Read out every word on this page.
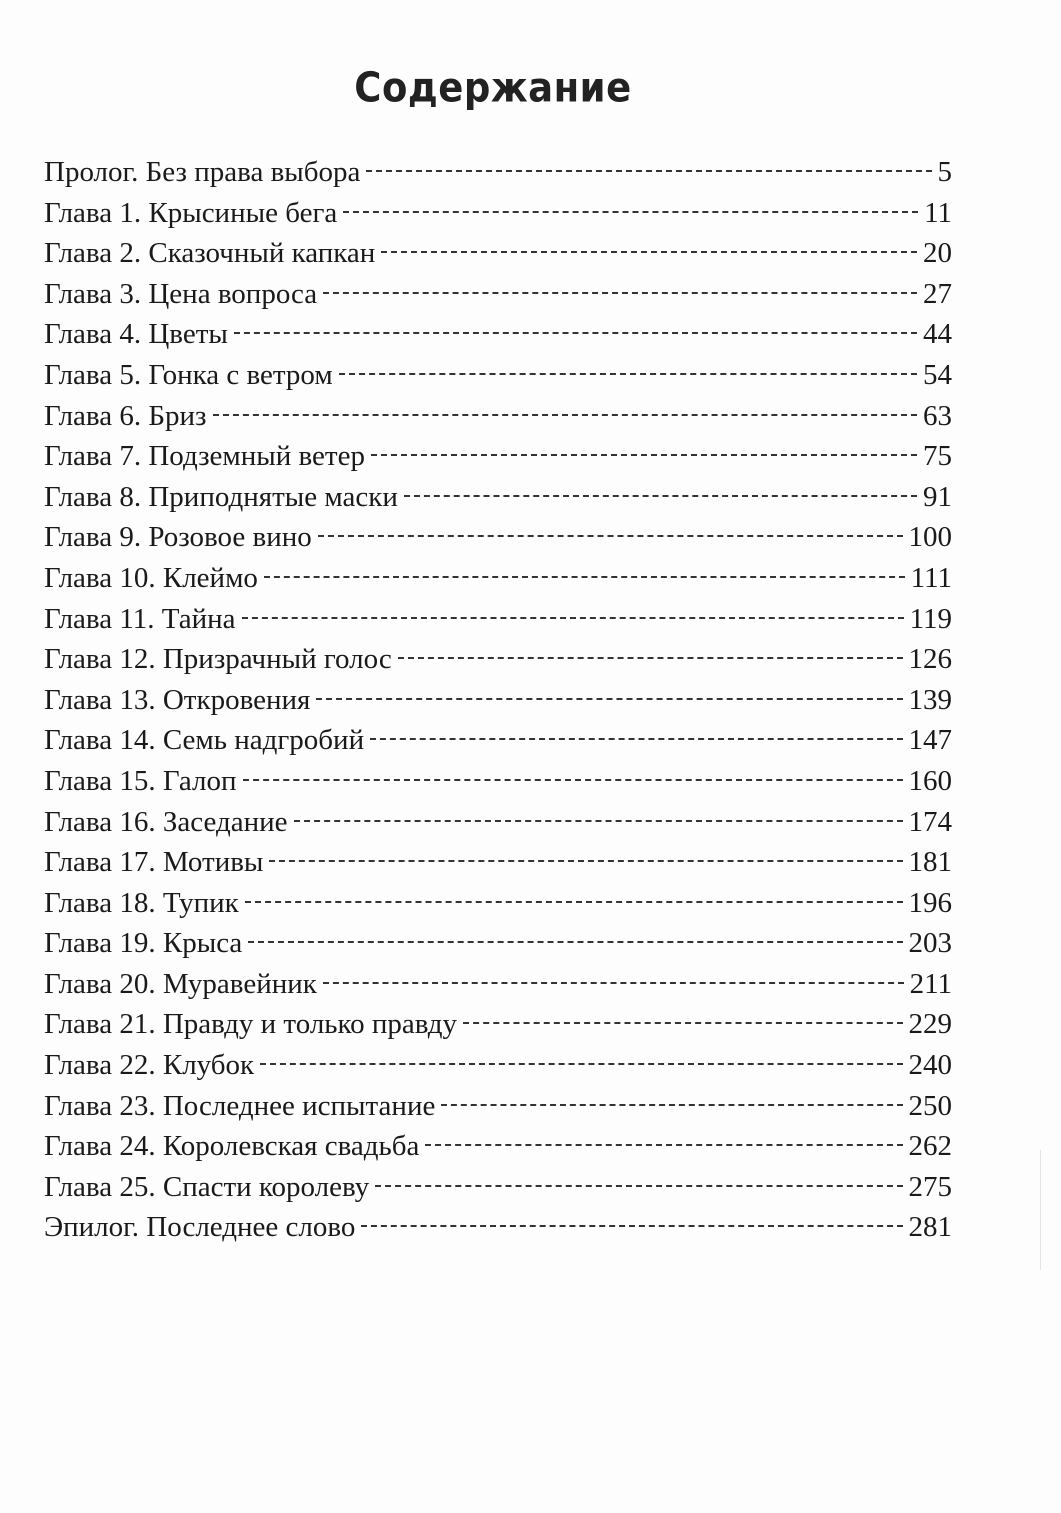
Содержание
Пролог. Без права выбора	5
Глава 1. Крысиные бега	11
Глава 2. Сказочный капкан	20
Глава 3. Цена вопроса	27
Глава 4. Цветы	44
Глава 5. Гонка с ветром	54
Глава 6. Бриз	63
Глава 7. Подземный ветер	75
Глава 8. Приподнятые маски	91
Глава 9. Розовое вино	100
Глава 10. Клеймо	111
Глава 11. Тайна	119
Глава 12. Призрачный голос	126
Глава 13. Откровения	139
Глава 14. Семь надгробий	147
Глава 15. Галоп	160
Глава 16. Заседание	174
Глава 17. Мотивы	181
Глава 18. Тупик	196
Глава 19. Крыса	203
Глава 20. Муравейник	211
Глава 21. Правду и только правду	229
Глава 22. Клубок	240
Глава 23. Последнее испытание	250
Глава 24. Королевская свадьба	262
Глава 25. Спасти королеву	275
Эпилог. Последнее слово	281
